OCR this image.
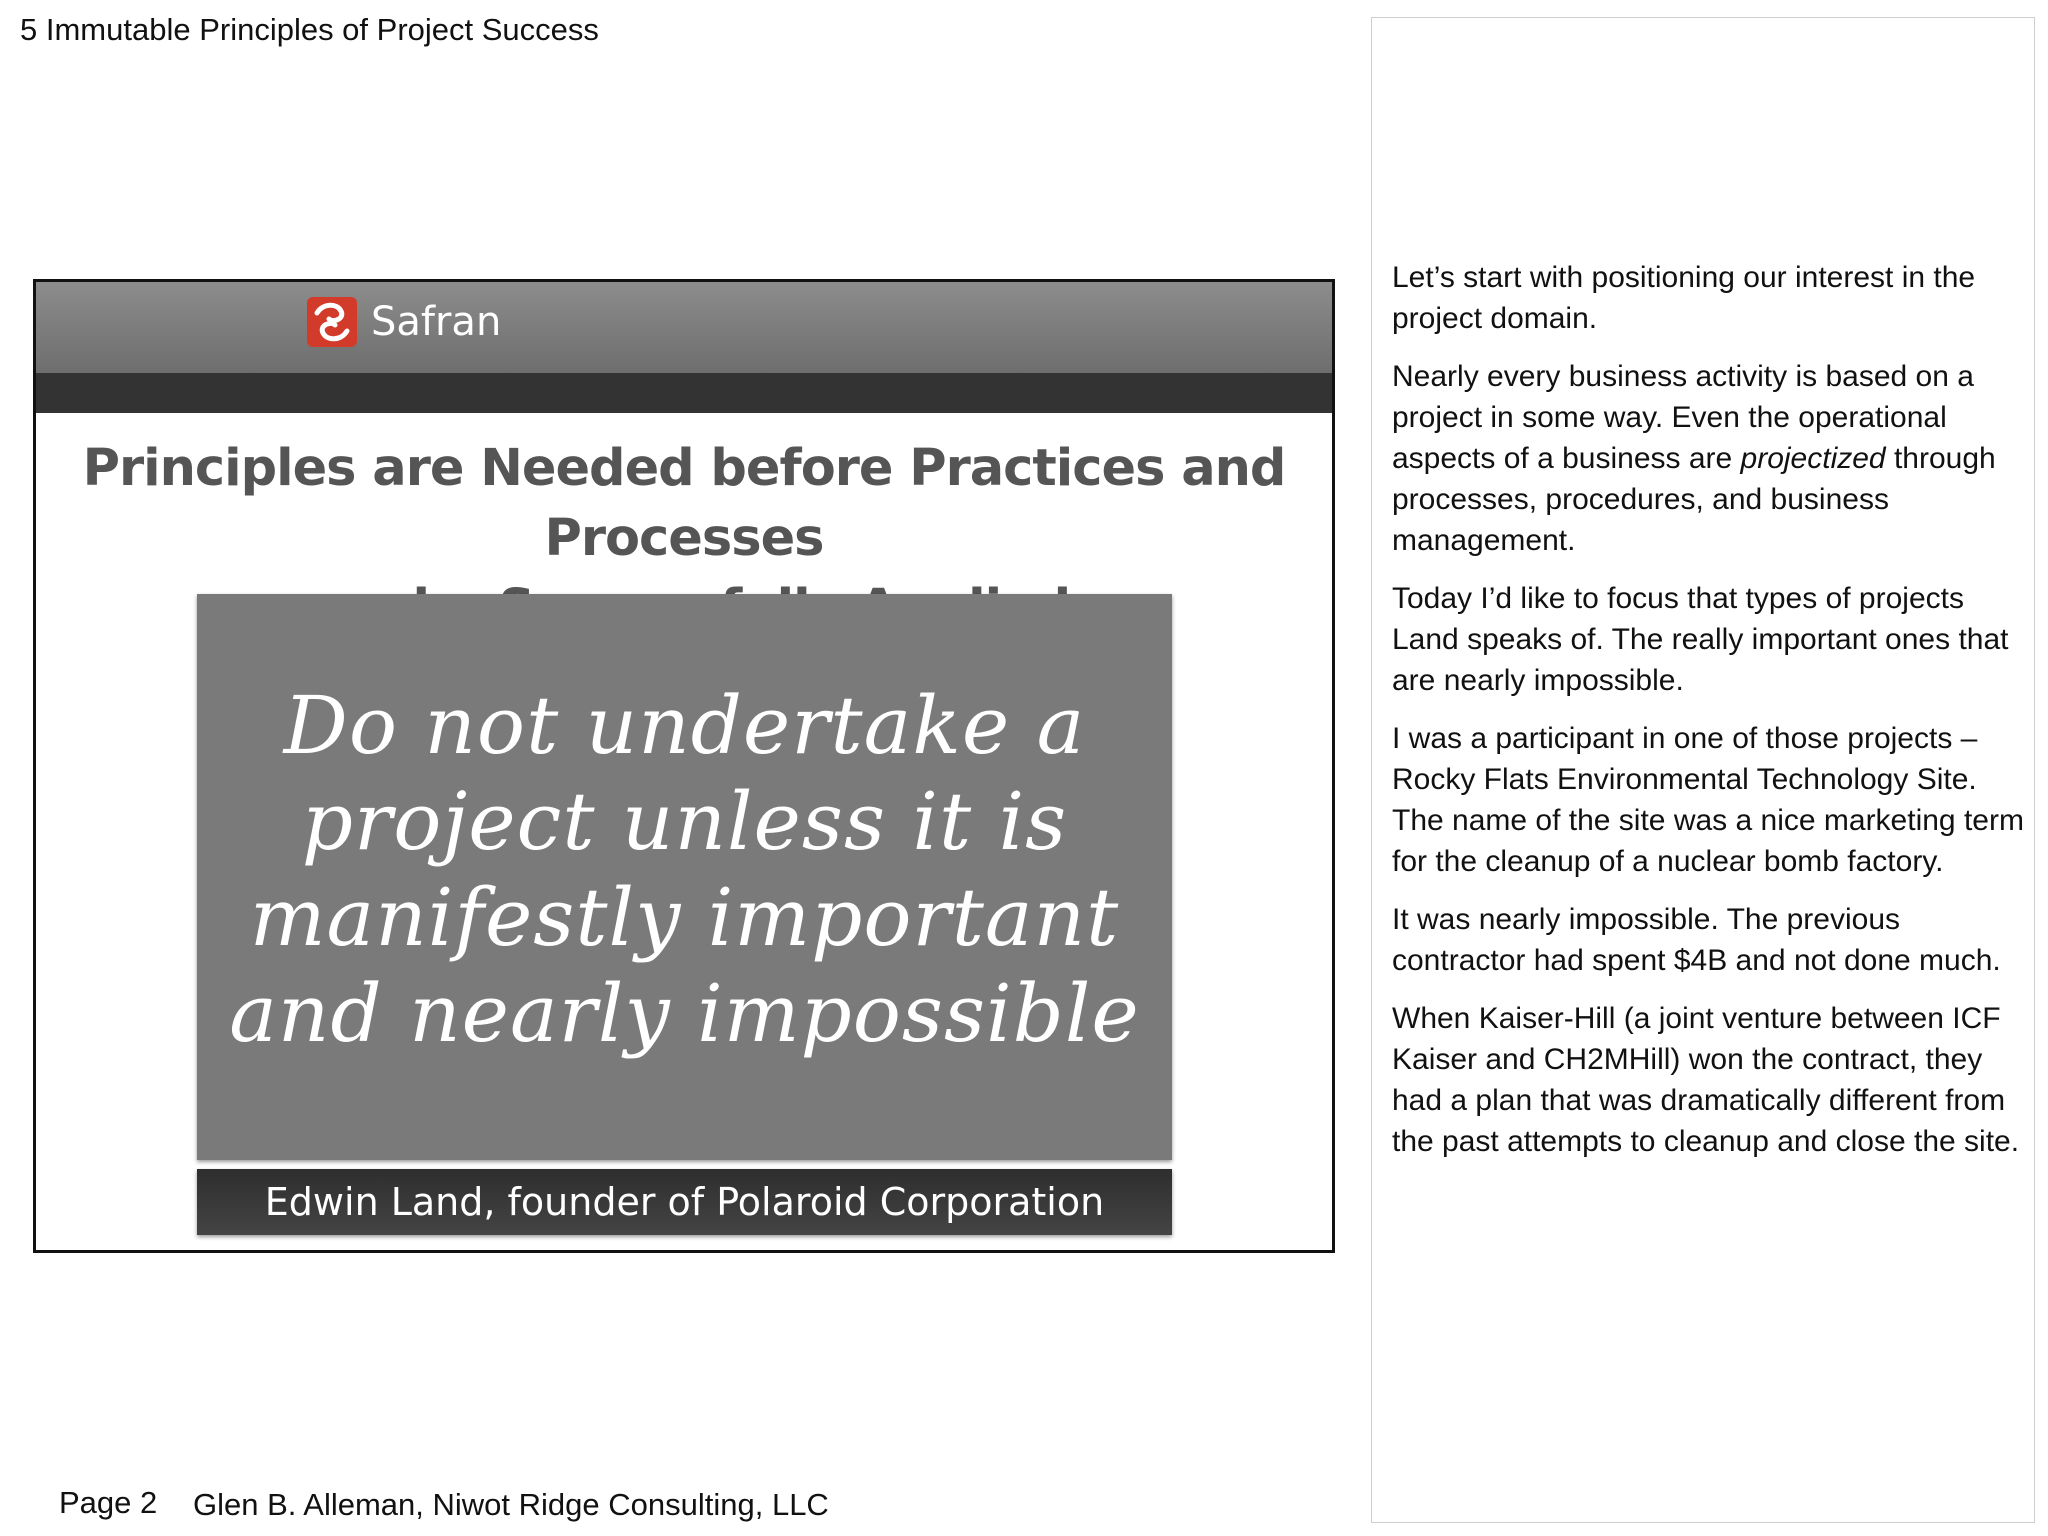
5 Immutable Principles of Project Success
Safran
Principles are Needed before Practices and Processes
Do not undertake a
project unless it is
manifestly important
and nearly impossible
Edwin Land, founder of Polaroid Corporation

Let’s start with positioning our interest in the project domain.

Nearly every business activity is based on a project in some way. Even the operational aspects of a business are projectized through processes, procedures, and business management.

Today I’d like to focus that types of projects Land speaks of. The really important ones that are nearly impossible.

I was a participant in one of those projects – Rocky Flats Environmental Technology Site. The name of the site was a nice marketing term for the cleanup of a nuclear bomb factory.

It was nearly impossible. The previous contractor had spent $4B and not done much.

When Kaiser-Hill (a joint venture between ICF Kaiser and CH2MHill) won the contract, they had a plan that was dramatically different from the past attempts to cleanup and close the site.

Page 2 Glen B. Alleman, Niwot Ridge Consulting, LLC
